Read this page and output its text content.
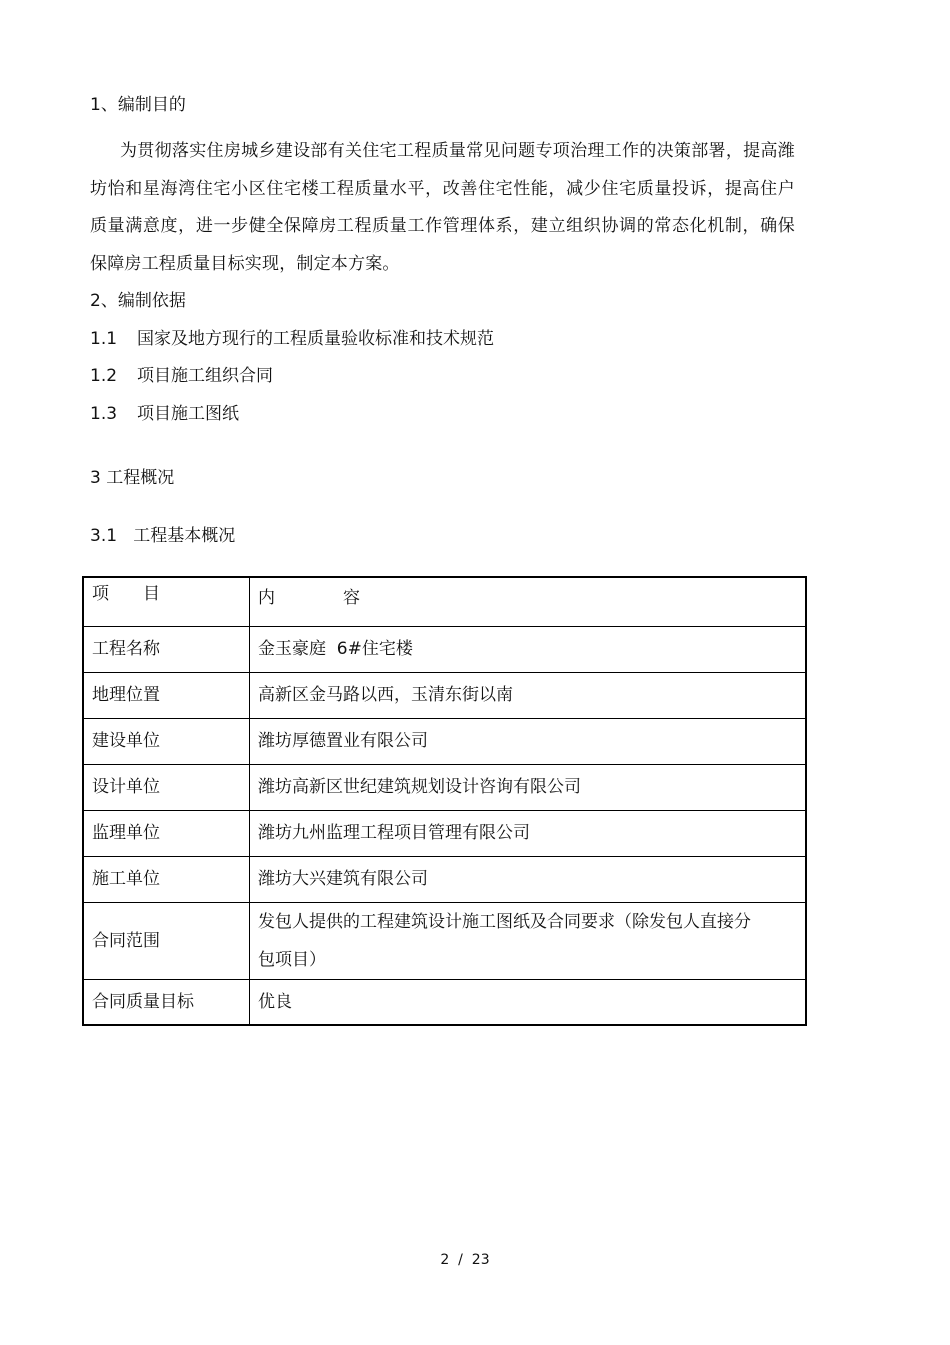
1、编制目的
为贯彻落实住房城乡建设部有关住宅工程质量常见问题专项治理工作的决策部署，提高潍坊怡和星海湾住宅小区住宅楼工程质量水平，改善住宅性能，减少住宅质量投诉，提高住户质量满意度，进一步健全保障房工程质量工作管理体系，建立组织协调的常态化机制，确保保障房工程质量目标实现，制定本方案。
2、编制依据
1.1 国家及地方现行的工程质量验收标准和技术规范
1.2 项目施工组织合同
1.3 项目施工图纸
3 工程概况
3.1   工程基本概况
项　　目	内　　　　容
工程名称	金玉豪庭  6#住宅楼
地理位置	高新区金马路以西，玉清东街以南
建设单位	潍坊厚德置业有限公司
设计单位	潍坊高新区世纪建筑规划设计咨询有限公司
监理单位	潍坊九州监理工程项目管理有限公司
施工单位	潍坊大兴建筑有限公司
合同范围	发包人提供的工程建筑设计施工图纸及合同要求（除发包人直接分包项目）
合同质量目标	优良
2  /  23
